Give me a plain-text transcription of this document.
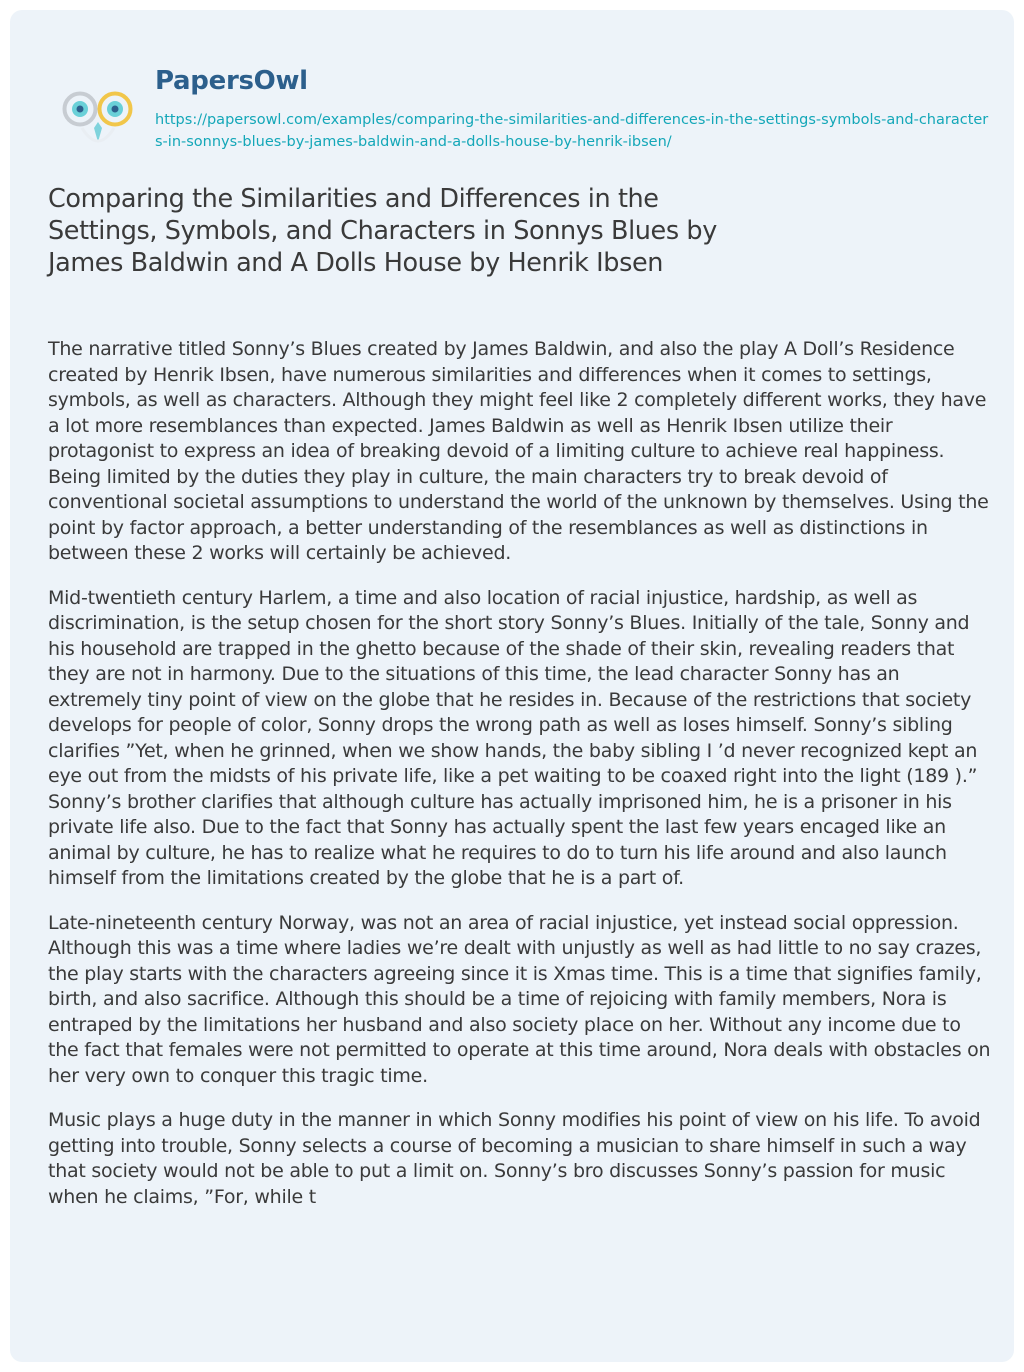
PapersOwl
https://papersowl.com/examples/comparing-the-similarities-and-differences-in-the-settings-symbols-and-characters-in-sonnys-blues-by-james-baldwin-and-a-dolls-house-by-henrik-ibsen/
Comparing the Similarities and Differences in the Settings, Symbols, and Characters in Sonnys Blues by James Baldwin and A Dolls House by Henrik Ibsen

The narrative titled Sonny’s Blues created by James Baldwin, and also the play A Doll’s Residence created by Henrik Ibsen, have numerous similarities and differences when it comes to settings, symbols, as well as characters. Although they might feel like 2 completely different works, they have a lot more resemblances than expected. James Baldwin as well as Henrik Ibsen utilize their protagonist to express an idea of breaking devoid of a limiting culture to achieve real happiness. Being limited by the duties they play in culture, the main characters try to break devoid of conventional societal assumptions to understand the world of the unknown by themselves. Using the point by factor approach, a better understanding of the resemblances as well as distinctions in between these 2 works will certainly be achieved.

Mid-twentieth century Harlem, a time and also location of racial injustice, hardship, as well as discrimination, is the setup chosen for the short story Sonny’s Blues. Initially of the tale, Sonny and his household are trapped in the ghetto because of the shade of their skin, revealing readers that they are not in harmony. Due to the situations of this time, the lead character Sonny has an extremely tiny point of view on the globe that he resides in. Because of the restrictions that society develops for people of color, Sonny drops the wrong path as well as loses himself. Sonny’s sibling clarifies ”Yet, when he grinned, when we show hands, the baby sibling I ’d never recognized kept an eye out from the midsts of his private life, like a pet waiting to be coaxed right into the light (189 ).” Sonny’s brother clarifies that although culture has actually imprisoned him, he is a prisoner in his private life also. Due to the fact that Sonny has actually spent the last few years encaged like an animal by culture, he has to realize what he requires to do to turn his life around and also launch himself from the limitations created by the globe that he is a part of.

Late-nineteenth century Norway, was not an area of racial injustice, yet instead social oppression. Although this was a time where ladies we’re dealt with unjustly as well as had little to no say crazes, the play starts with the characters agreeing since it is Xmas time. This is a time that signifies family, birth, and also sacrifice. Although this should be a time of rejoicing with family members, Nora is entraped by the limitations her husband and also society place on her. Without any income due to the fact that females were not permitted to operate at this time around, Nora deals with obstacles on her very own to conquer this tragic time.

Music plays a huge duty in the manner in which Sonny modifies his point of view on his life. To avoid getting into trouble, Sonny selects a course of becoming a musician to share himself in such a way that society would not be able to put a limit on. Sonny’s bro discusses Sonny’s passion for music when he claims, ”For, while t
